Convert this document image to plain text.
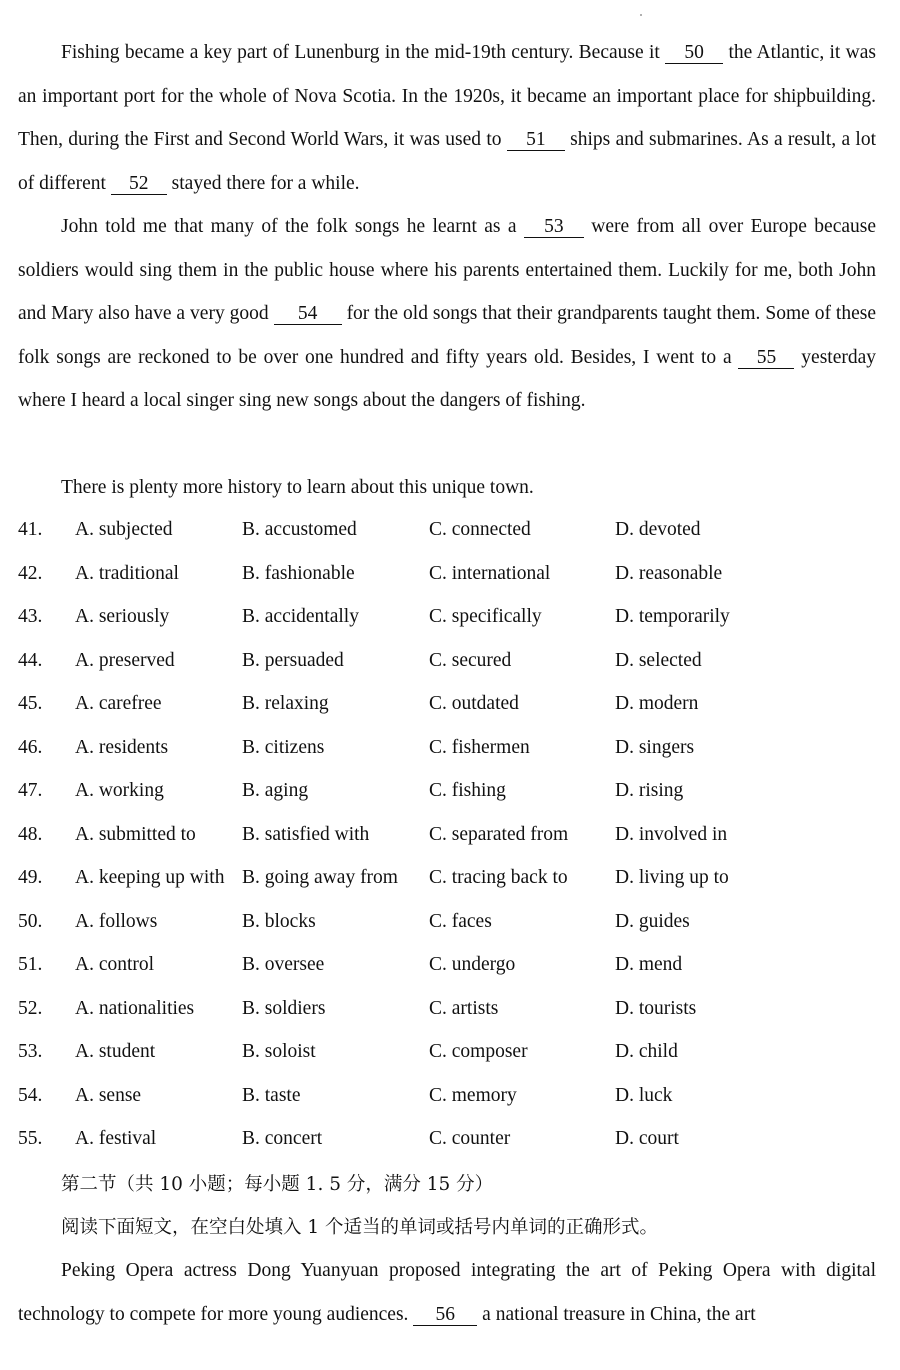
Fishing became a key part of Lunenburg in the mid-19th century. Because it 50 the Atlantic, it was an important port for the whole of Nova Scotia. In the 1920s, it became an important place for shipbuilding. Then, during the First and Second World Wars, it was used to 51 ships and submarines. As a result, a lot of different 52 stayed there for a while.

John told me that many of the folk songs he learnt as a 53 were from all over Europe because soldiers would sing them in the public house where his parents entertained them. Luckily for me, both John and Mary also have a very good 54 for the old songs that their grandparents taught them. Some of these folk songs are reckoned to be over one hundred and fifty years old. Besides, I went to a 55 yesterday where I heard a local singer sing new songs about the dangers of fishing.

There is plenty more history to learn about this unique town.

41. A. subjected	B. accustomed	C. connected	D. devoted
42. A. traditional	B. fashionable	C. international	D. reasonable
43. A. seriously	B. accidentally	C. specifically	D. temporarily
44. A. preserved	B. persuaded	C. secured	D. selected
45. A. carefree	B. relaxing	C. outdated	D. modern
46. A. residents	B. citizens	C. fishermen	D. singers
47. A. working	B. aging	C. fishing	D. rising
48. A. submitted to B. satisfied with	C. separated from D. involved in
49. A. keeping up with B. going away from C. tracing back to D. living up to
50. A. follows	B. blocks	C. faces	D. guides
51. A. control	B. oversee	C. undergo	D. mend
52. A. nationalities B. soldiers	C. artists	D. tourists
53. A. student	B. soloist	C. composer	D. child
54. A. sense	B. taste	C. memory	D. luck
55. A. festival	B. concert	C. counter	D. court
第二节（共 10 小题；每小题 1. 5 分，满分 15 分）
阅读下面短文，在空白处填入 1 个适当的单词或括号内单词的正确形式。

Peking Opera actress Dong Yuanyuan proposed integrating the art of Peking Opera with digital technology to compete for more young audiences. 56 a national treasure in China, the art
